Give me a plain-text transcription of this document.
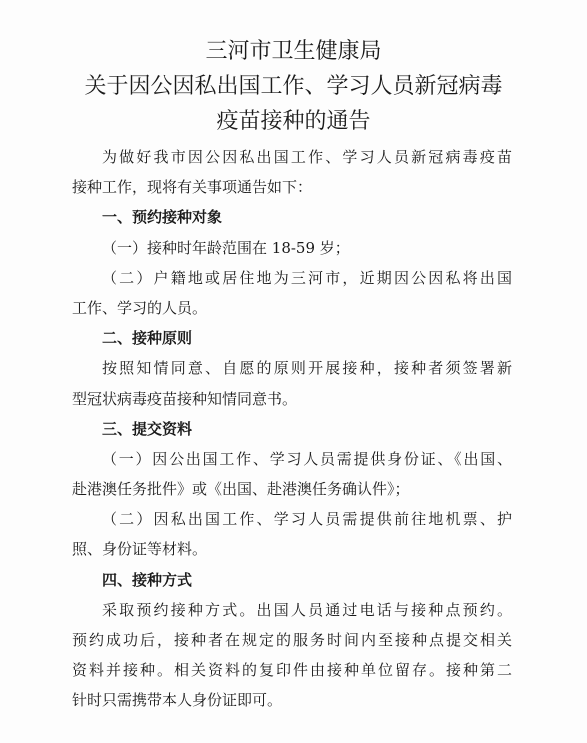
三河市卫生健康局
关于因公因私出国工作、学习人员新冠病毒
疫苗接种的通告
为做好我市因公因私出国工作、学习人员新冠病毒疫苗
接种工作，现将有关事项通告如下：
一、预约接种对象
（一）接种时年龄范围在 18-59 岁；
（二）户籍地或居住地为三河市，近期因公因私将出国
工作、学习的人员。
二、接种原则
按照知情同意、自愿的原则开展接种，接种者须签署新
型冠状病毒疫苗接种知情同意书。
三、提交资料
（一）因公出国工作、学习人员需提供身份证、《出国、
赴港澳任务批件》或《出国、赴港澳任务确认件》；
（二）因私出国工作、学习人员需提供前往地机票、护
照、身份证等材料。
四、接种方式
采取预约接种方式。出国人员通过电话与接种点预约。
预约成功后，接种者在规定的服务时间内至接种点提交相关
资料并接种。相关资料的复印件由接种单位留存。接种第二
针时只需携带本人身份证即可。
